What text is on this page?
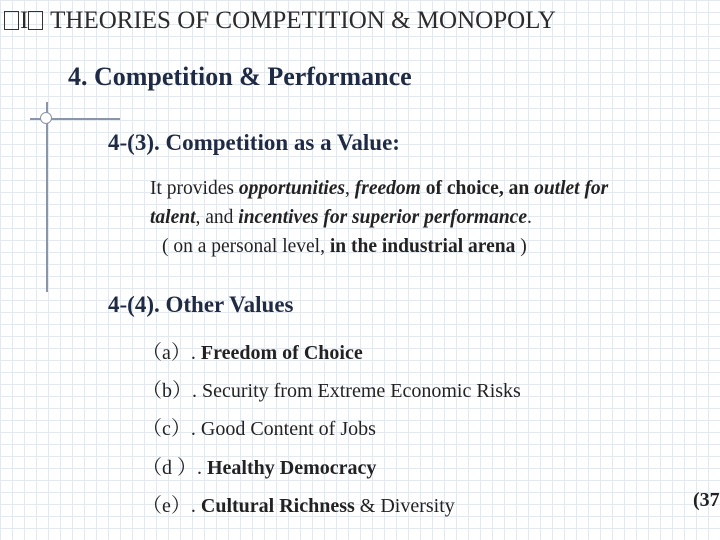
I THEORIES OF COMPETITION & MONOPOLY
4. Competition & Performance
4-(3). Competition as a Value:
It provides opportunities, freedom of choice, an outlet for
talent, and incentives for superior performance.
( on a personal level, in the industrial arena )
4-(4). Other Values
（a）. Freedom of Choice
（b）. Security from Extreme Economic Risks
（c）. Good Content of Jobs
（d ）. Healthy Democracy
（e）. Cultural Richness & Diversity	(37
